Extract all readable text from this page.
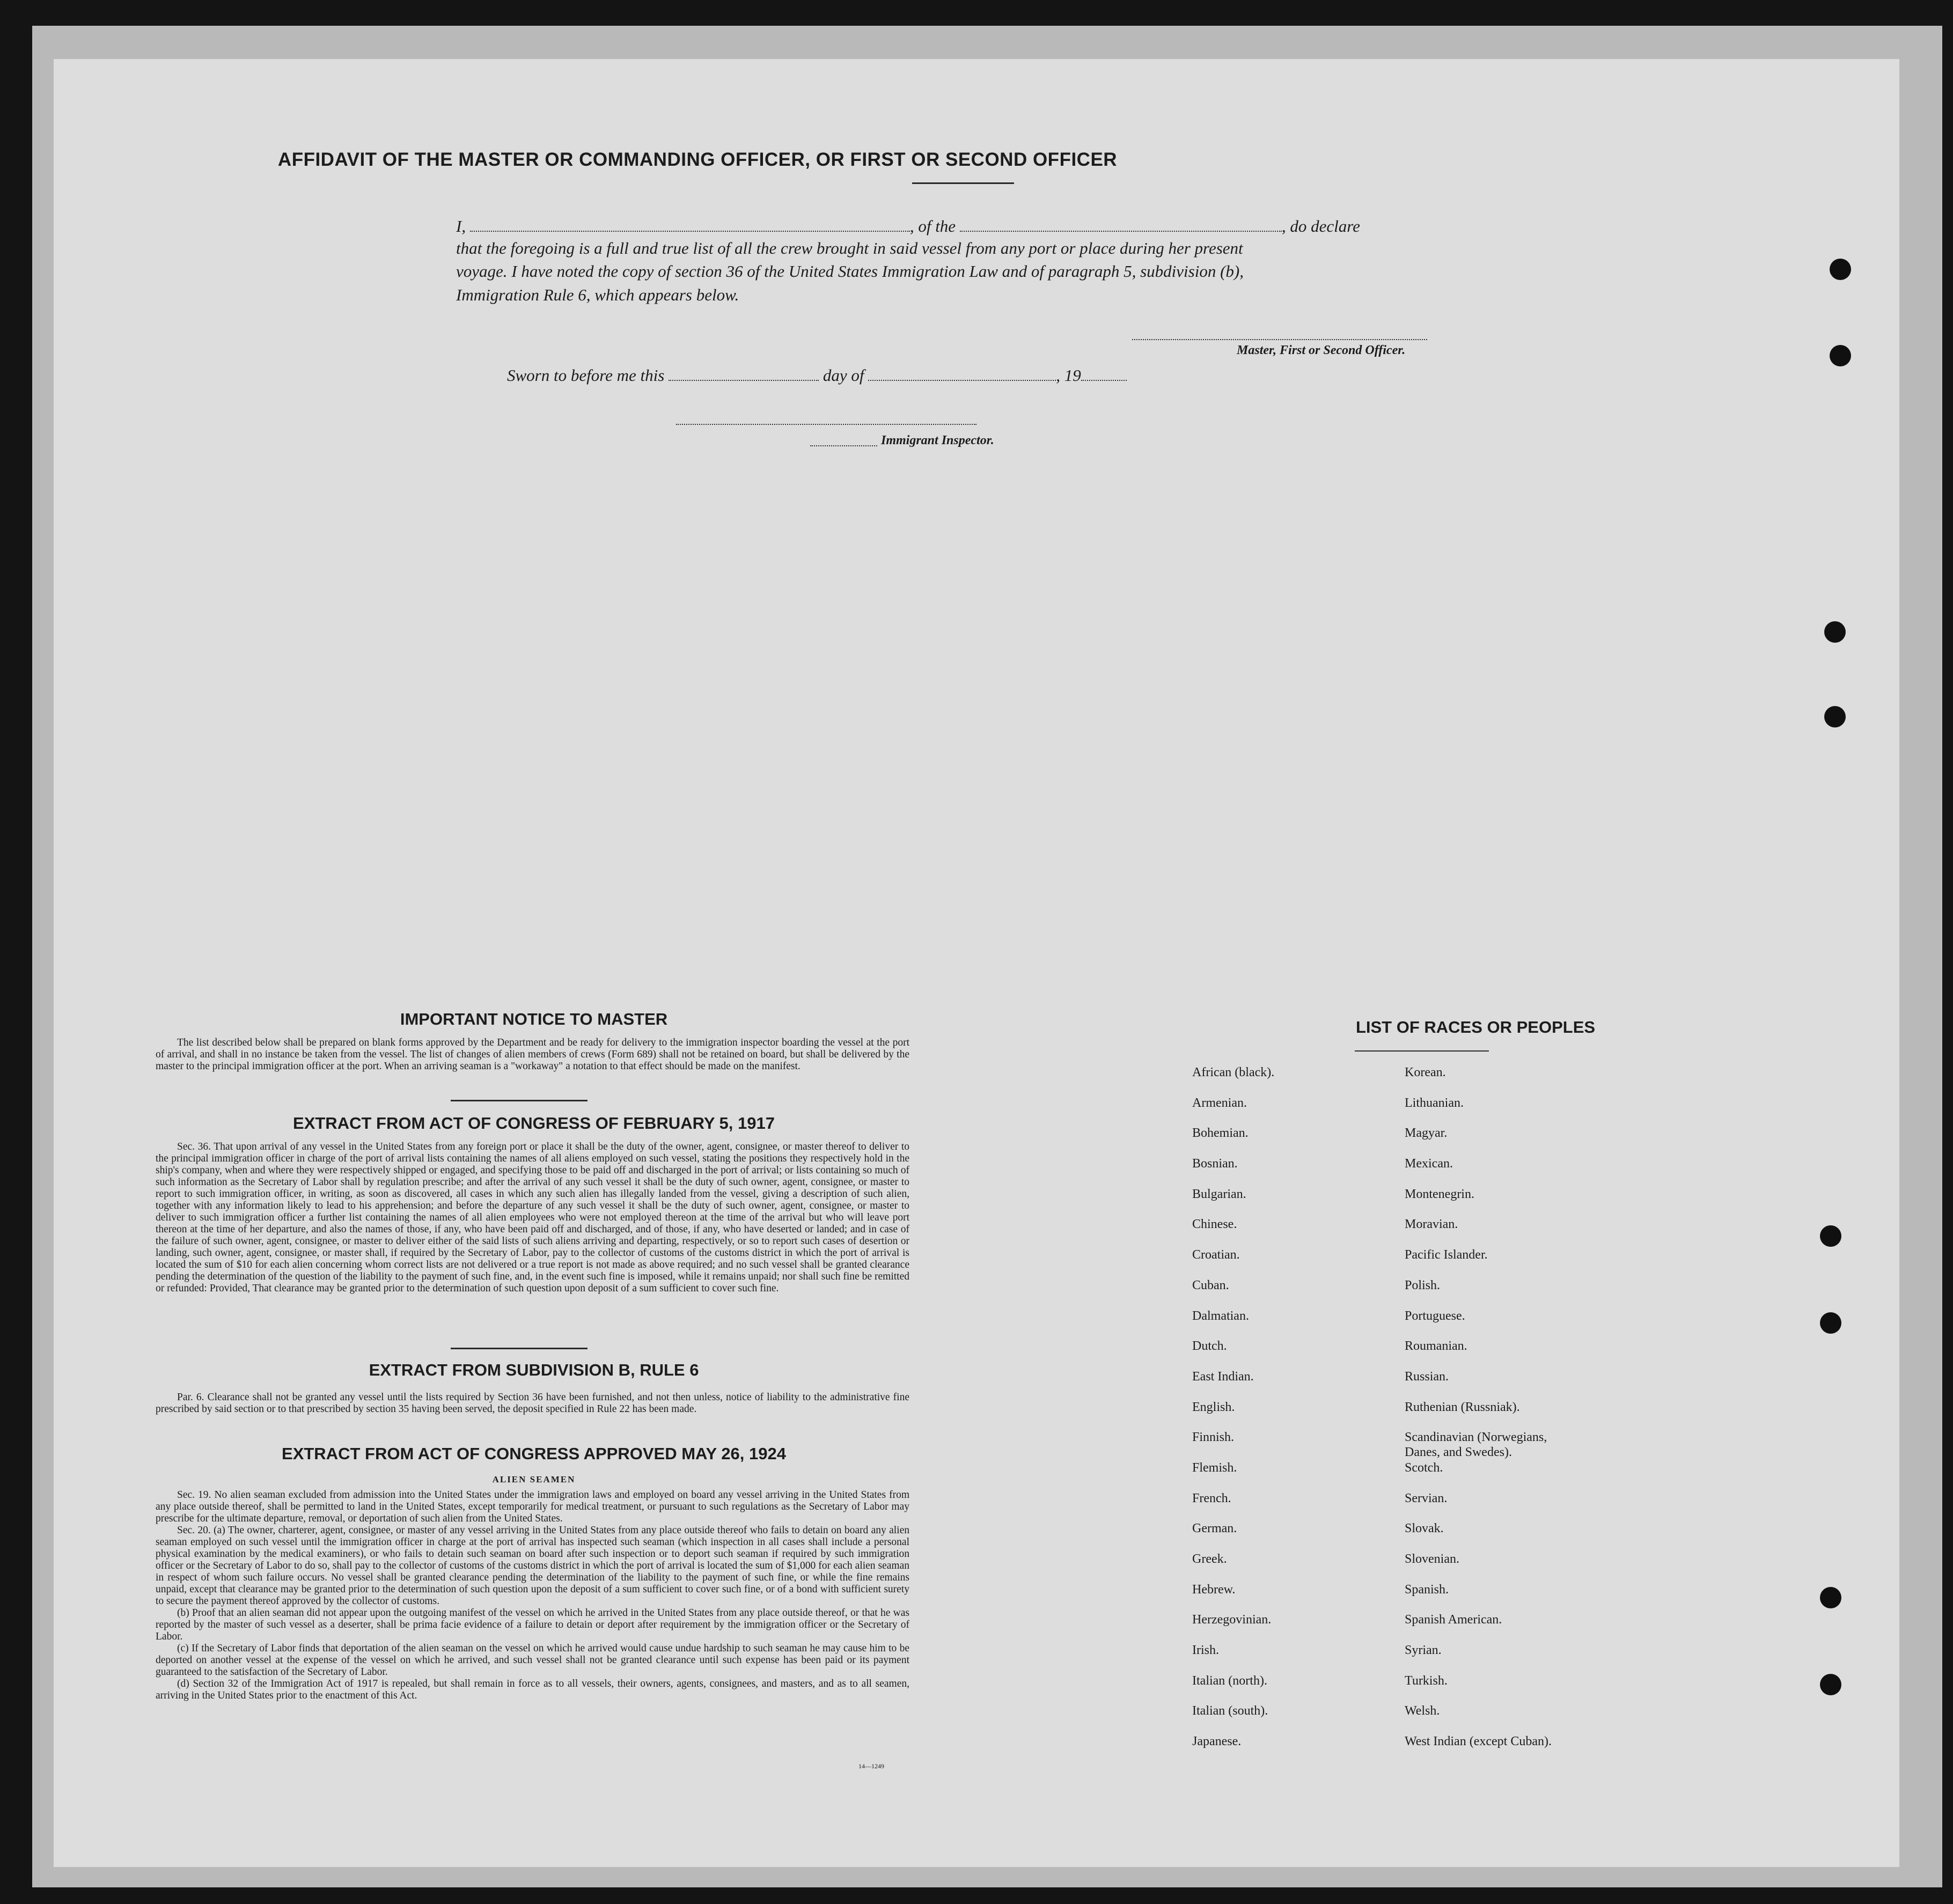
AFFIDAVIT OF THE MASTER OR COMMANDING OFFICER, OR FIRST OR SECOND OFFICER
I,	, of the	, do declare
that the foregoing is a full and true list of all the crew brought in said vessel from any port or place during her present
voyage. I have noted the copy of section 36 of the United States Immigration Law and of paragraph 5, subdivision (b),
Immigration Rule 6, which appears below.
Master, First or Second Officer.
Sworn to before me this	day of	, 19
Immigrant Inspector.
IMPORTANT NOTICE TO MASTER

The list described below shall be prepared on blank forms approved by the Department and be ready for delivery to the immigration inspector boarding the vessel at the port of arrival, and shall in no instance be taken from the vessel. The list of changes of alien members of crews (Form 689) shall not be retained on board, but shall be delivered by the master to the principal immigration officer at the port. When an arriving seaman is a "workaway" a notation to that effect should be made on the manifest.

EXTRACT FROM ACT OF CONGRESS OF FEBRUARY 5, 1917

Sec. 36. That upon arrival of any vessel in the United States from any foreign port or place it shall be the duty of the owner, agent, consignee, or master thereof to deliver to the principal immigration officer in charge of the port of arrival lists containing the names of all aliens employed on such vessel, stating the positions they respectively hold in the ship's company, when and where they were respectively shipped or engaged, and specifying those to be paid off and discharged in the port of arrival; or lists containing so much of such information as the Secretary of Labor shall by regulation prescribe; and after the arrival of any such vessel it shall be the duty of such owner, agent, consignee, or master to report to such immigration officer, in writing, as soon as discovered, all cases in which any such alien has illegally landed from the vessel, giving a description of such alien, together with any information likely to lead to his apprehension; and before the departure of any such vessel it shall be the duty of such owner, agent, consignee, or master to deliver to such immigration officer a further list containing the names of all alien employees who were not employed thereon at the time of the arrival but who will leave port thereon at the time of her departure, and also the names of those, if any, who have been paid off and discharged, and of those, if any, who have deserted or landed; and in case of the failure of such owner, agent, consignee, or master to deliver either of the said lists of such aliens arriving and departing, respectively, or so to report such cases of desertion or landing, such owner, agent, consignee, or master shall, if required by the Secretary of Labor, pay to the collector of customs of the customs district in which the port of arrival is located the sum of $10 for each alien concerning whom correct lists are not delivered or a true report is not made as above required; and no such vessel shall be granted clearance pending the determination of the question of the liability to the payment of such fine, and, in the event such fine is imposed, while it remains unpaid; nor shall such fine be remitted or refunded: Provided, That clearance may be granted prior to the determination of such question upon deposit of a sum sufficient to cover such fine.

EXTRACT FROM SUBDIVISION B, RULE 6

Par. 6. Clearance shall not be granted any vessel until the lists required by Section 36 have been furnished, and not then unless, notice of liability to the administrative fine prescribed by said section or to that prescribed by section 35 having been served, the deposit specified in Rule 22 has been made.

EXTRACT FROM ACT OF CONGRESS APPROVED MAY 26, 1924
ALIEN SEAMEN

Sec. 19. No alien seaman excluded from admission into the United States under the immigration laws and employed on board any vessel arriving in the United States from any place outside thereof, shall be permitted to land in the United States, except temporarily for medical treatment, or pursuant to such regulations as the Secretary of Labor may prescribe for the ultimate departure, removal, or deportation of such alien from the United States.

Sec. 20. (a) The owner, charterer, agent, consignee, or master of any vessel arriving in the United States from any place outside thereof who fails to detain on board any alien seaman employed on such vessel until the immigration officer in charge at the port of arrival has inspected such seaman (which inspection in all cases shall include a personal physical examination by the medical examiners), or who fails to detain such seaman on board after such inspection or to deport such seaman if required by such immigration officer or the Secretary of Labor to do so, shall pay to the collector of customs of the customs district in which the port of arrival is located the sum of $1,000 for each alien seaman in respect of whom such failure occurs. No vessel shall be granted clearance pending the determination of the liability to the payment of such fine, or while the fine remains unpaid, except that clearance may be granted prior to the determination of such question upon the deposit of a sum sufficient to cover such fine, or of a bond with sufficient surety to secure the payment thereof approved by the collector of customs.

(b) Proof that an alien seaman did not appear upon the outgoing manifest of the vessel on which he arrived in the United States from any place outside thereof, or that he was reported by the master of such vessel as a deserter, shall be prima facie evidence of a failure to detain or deport after requirement by the immigration officer or the Secretary of Labor.

(c) If the Secretary of Labor finds that deportation of the alien seaman on the vessel on which he arrived would cause undue hardship to such seaman he may cause him to be deported on another vessel at the expense of the vessel on which he arrived, and such vessel shall not be granted clearance until such expense has been paid or its payment guaranteed to the satisfaction of the Secretary of Labor.

(d) Section 32 of the Immigration Act of 1917 is repealed, but shall remain in force as to all vessels, their owners, agents, consignees, and masters, and as to all seamen, arriving in the United States prior to the enactment of this Act.

14—1249
LIST OF RACES OR PEOPLES
African (black).
Armenian.
Bohemian.
Bosnian.
Bulgarian.
Chinese.
Croatian.
Cuban.
Dalmatian.
Dutch.
East Indian.
English.
Finnish.
Flemish.
French.
German.
Greek.
Hebrew.
Herzegovinian.
Irish.
Italian (north).
Italian (south).
Japanese.
Korean.
Lithuanian.
Magyar.
Mexican.
Montenegrin.
Moravian.
Pacific Islander.
Polish.
Portuguese.
Roumanian.
Russian.
Ruthenian (Russniak).
Scandinavian (Norwegians,
Danes, and Swedes).
Scotch.
Servian.
Slovak.
Slovenian.
Spanish.
Spanish American.
Syrian.
Turkish.
Welsh.
West Indian (except Cuban).
